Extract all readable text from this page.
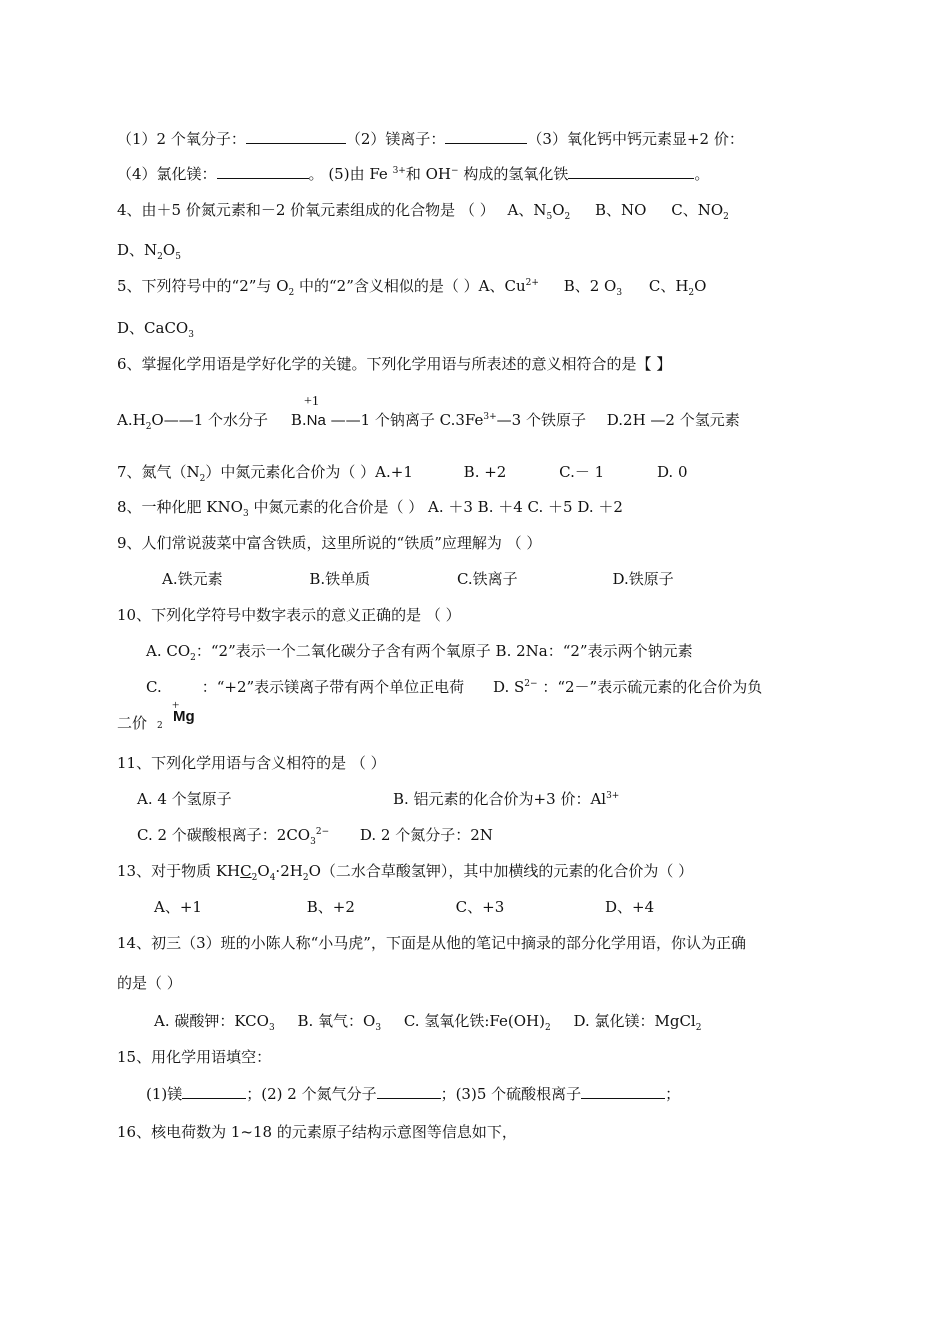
（1）2 个氧分子：	（2）镁离子：	（3）氧化钙中钙元素显+2 价：
（4）氯化镁：	。 (5)由 Fe $^{3+}$和 OH− 构成的氢氧化铁	。
4、由＋5 价氮元素和－2 价氧元素组成的化合物是 （ ） A、$N_5O_2$ B、NO C、$NO_2$
D、$N_2O_5$
5、下列符号中的“2”与 $O_2$ 中的“2”含义相似的是（ ）A、$Cu^{2+}$ B、2 $O_3$ C、$H_2O$
D、CaCO$_3$
6、掌握化学用语是学好化学的关键。下列化学用语与所表述的意义相符合的是【 】
+1
$A.H_2O——1$ 个水分子 B.Na ——1 个钠离子 $C.3Fe^{3+}—3$ 个铁原子 D.2H —2 个氢元素
7、氮气$(N_2)$中氮元素化合价为（ ）A.+1	B. +2	C.－ 1	D. 0
8、一种化肥 $KNO_3$ 中氮元素的化合价是（ ） A. ＋3 B. ＋4 C. ＋5 D. ＋2
9、人们常说菠菜中富含铁质，这里所说的“铁质”应理解为 （ ）
A.铁元素	B.铁单质	C.铁离子	D.铁原子
10、下列化学符号中数字表示的意义正确的是 （ ）
A. $CO_2$：“2”表示一个二氧化碳分子含有两个氧原子 B. 2Na：“2”表示两个钠元素
C.	：“+2”表示镁离子带有两个单位正电荷 D. $S^{2-}$ ：“2－”表示硫元素的化合价为负
+
二价 2
Mg
11、下列化学用语与含义相符的是 （ ）
A. 4 个氢原子	B. 铝元素的化合价为+3 价：$Al^{3+}$
C. 2 个碳酸根离子：$2CO_3^{2-}$ D. 2 个氮分子：2N
13、对于物质 $KHC_2O_4\cdot 2H_2O$（二水合草酸氢钾），其中加横线的元素的化合价为（ ）
A、+1	B、+2	C、+3	D、+4
14、初三（3）班的小陈人称“小马虎”，下面是从他的笔记中摘录的部分化学用语，你认为正确
的是（ ）
A. 碳酸钾：$KCO_3$ B. 氧气：$O_3$ C. 氢氧化铁$:Fe(OH)_2$ D. 氯化镁：MgCl$_2$
15、用化学用语填空：
(1)镁	；(2) 2 个氮气分子	；(3)5 个硫酸根离子	；
16、核电荷数为 1~18 的元素原子结构示意图等信息如下，
